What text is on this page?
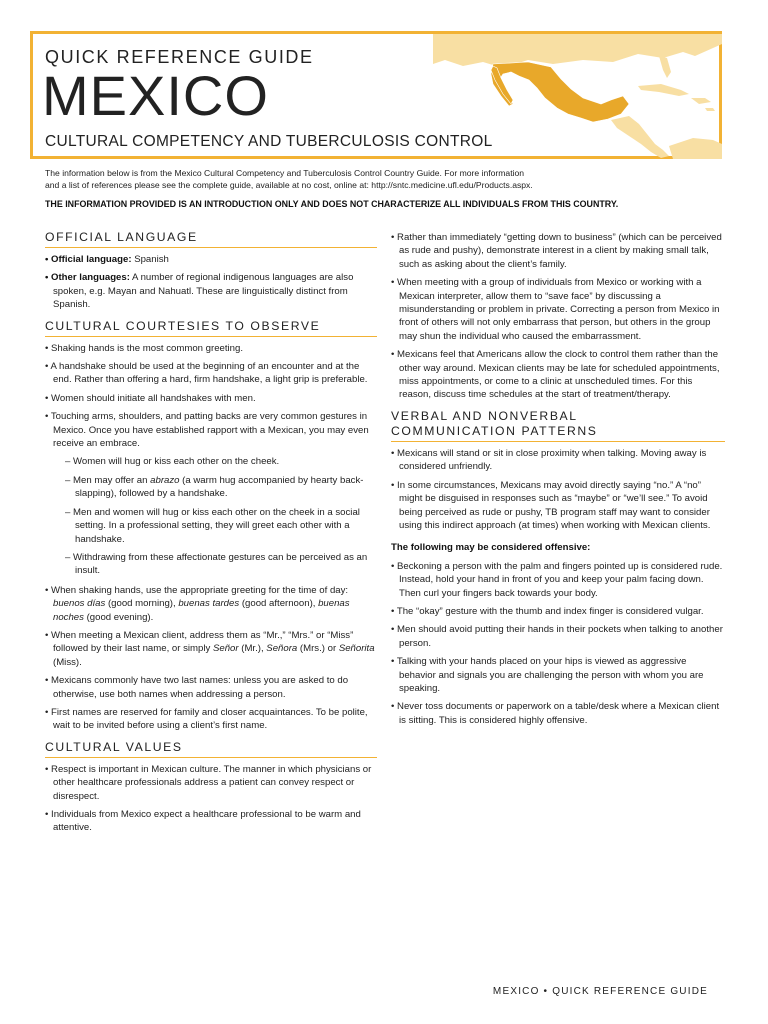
QUICK REFERENCE GUIDE
MEXICO
CULTURAL COMPETENCY AND TUBERCULOSIS CONTROL

The information below is from the Mexico Cultural Competency and Tuberculosis Control Country Guide. For more information

and a list of references please see the complete guide, available at no cost, online at: http://sntc.medicine.ufl.edu/Products.aspx.

THE INFORMATION PROVIDED IS AN INTRODUCTION ONLY AND DOES NOT CHARACTERIZE ALL INDIVIDUALS FROM THIS COUNTRY.
OFFICIAL LANGUAGE
• Official language: Spanish
• Other languages: A number of regional indigenous languages are also spoken, e.g. Mayan and Nahuatl. These are linguistically distinct from Spanish.
CULTURAL COURTESIES TO OBSERVE
• Shaking hands is the most common greeting.
• A handshake should be used at the beginning of an encounter and at the end. Rather than offering a hard, firm handshake, a light grip is preferable.
• Women should initiate all handshakes with men.
• Touching arms, shoulders, and patting backs are very common gestures in Mexico. Once you have established rapport with a Mexican, you may even receive an embrace.
– Women will hug or kiss each other on the cheek.
– Men may offer an abrazo (a warm hug accompanied by hearty back-slapping), followed by a handshake.
– Men and women will hug or kiss each other on the cheek in a social setting. In a professional setting, they will greet each other with a handshake.
– Withdrawing from these affectionate gestures can be perceived as an insult.
• When shaking hands, use the appropriate greeting for the time of day: buenos días (good morning), buenas tardes (good afternoon), buenas noches (good evening).
• When meeting a Mexican client, address them as “Mr.,” “Mrs.” or “Miss” followed by their last name, or simply Señor (Mr.), Señora (Mrs.) or Señorita (Miss).
• Mexicans commonly have two last names: unless you are asked to do otherwise, use both names when addressing a person.
• First names are reserved for family and closer acquaintances. To be polite, wait to be invited before using a client’s first name.
CULTURAL VALUES
• Respect is important in Mexican culture. The manner in which physicians or other healthcare professionals address a patient can convey respect or disrespect.
• Individuals from Mexico expect a healthcare professional to be warm and attentive.
• Rather than immediately “getting down to business” (which can be perceived as rude and pushy), demonstrate interest in a client by making small talk, such as asking about the client’s family.
• When meeting with a group of individuals from Mexico or working with a Mexican interpreter, allow them to “save face” by discussing a misunderstanding or problem in private. Correcting a person from Mexico in front of others will not only embarrass that person, but others in the group may shun the individual who caused the embarrassment.
• Mexicans feel that Americans allow the clock to control them rather than the other way around. Mexican clients may be late for scheduled appointments, miss appointments, or come to a clinic at unscheduled times. For this reason, discuss time schedules at the start of treatment/therapy.
VERBAL AND NONVERBAL
COMMUNICATION PATTERNS
• Mexicans will stand or sit in close proximity when talking. Moving away is considered unfriendly.
• In some circumstances, Mexicans may avoid directly saying “no.” A “no” might be disguised in responses such as “maybe” or “we’ll see.” To avoid being perceived as rude or pushy, TB program staff may want to consider using this indirect approach (at times) when working with Mexican clients.
The following may be considered offensive:
• Beckoning a person with the palm and fingers pointed up is considered rude. Instead, hold your hand in front of you and keep your palm facing down. Then curl your fingers back towards your body.
• The “okay” gesture with the thumb and index finger is considered vulgar.
• Men should avoid putting their hands in their pockets when talking to another person.
• Talking with your hands placed on your hips is viewed as aggressive behavior and signals you are challenging the person with whom you are speaking.
• Never toss documents or paperwork on a table/desk where a Mexican client is sitting. This is considered highly offensive.
MEXICO • QUICK REFERENCE GUIDE
